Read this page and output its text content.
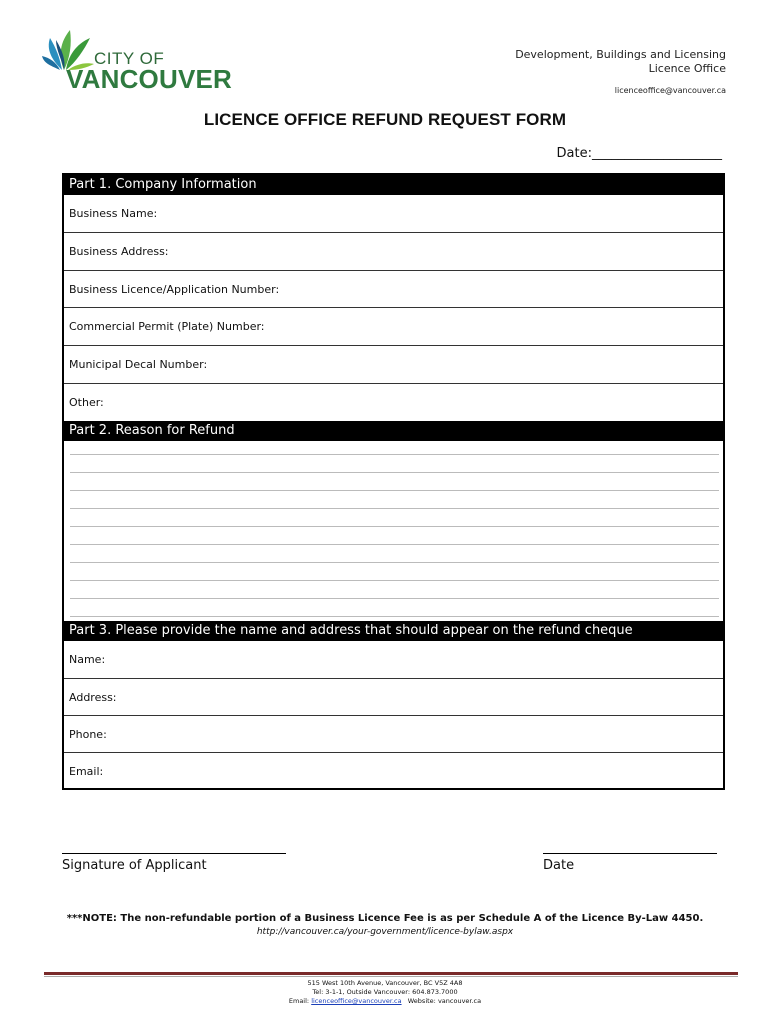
CITY OF
VANCOUVER
Development, Buildings and Licensing
Licence Office
licenceoffice@vancouver.ca
LICENCE OFFICE REFUND REQUEST FORM
Date:____________________
Part 1. Company Information
Business Name:
Business Address:
Business Licence/Application Number:
Commercial Permit (Plate) Number:
Municipal Decal Number:
Other:
Part 2. Reason for Refund
Part 3. Please provide the name and address that should appear on the refund cheque
Name:
Address:
Phone:
Email:
Signature of Applicant	Date
***NOTE: The non-refundable portion of a Business Licence Fee is as per Schedule A of the Licence By-Law 4450.
http://vancouver.ca/your-government/licence-bylaw.aspx
515 West 10th Avenue, Vancouver, BC V5Z 4A8
Tel: 3-1-1, Outside Vancouver: 604.873.7000
Email: licenceoffice@vancouver.ca Website: vancouver.ca
